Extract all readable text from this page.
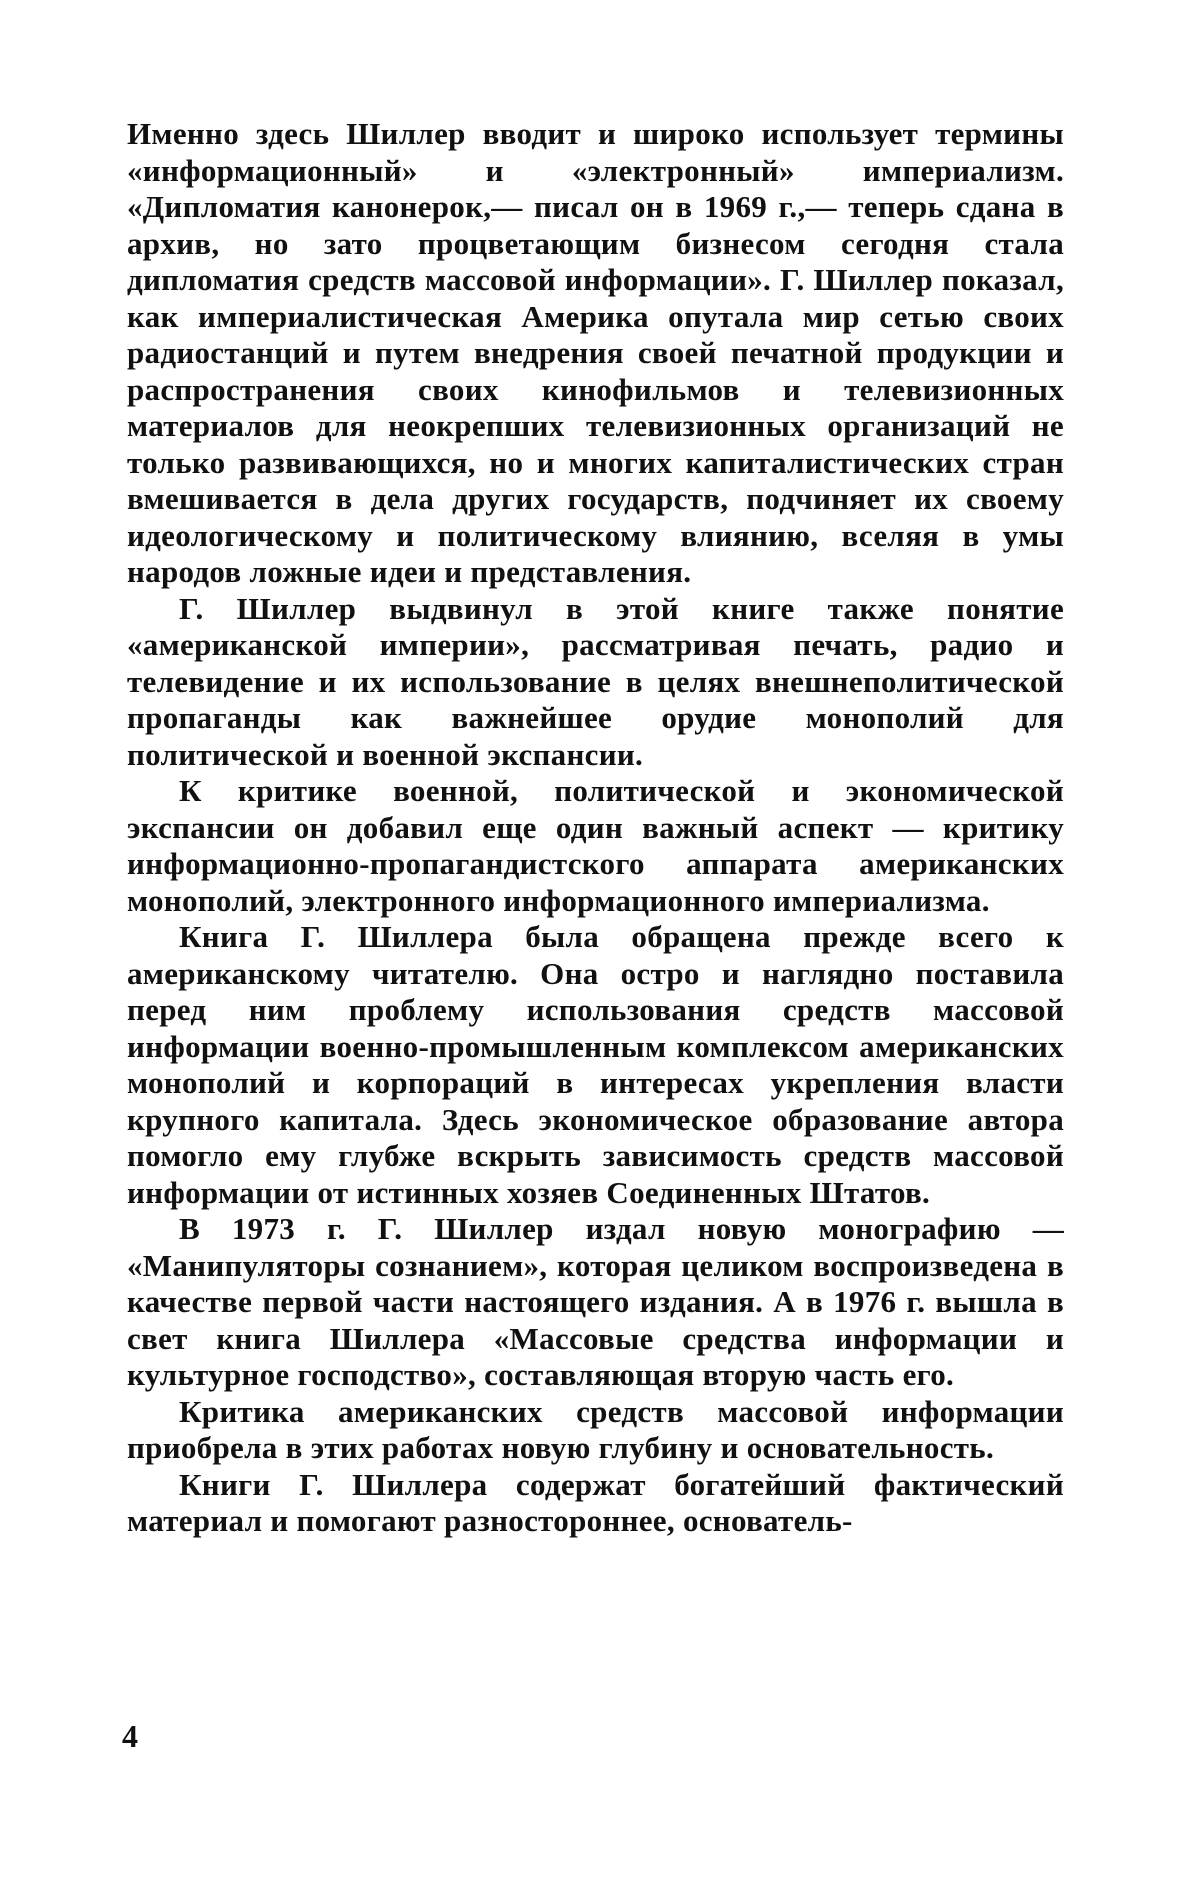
Именно здесь Шиллер вводит и широко использует термины «информационный» и «электронный» империализм. «Дипломатия канонерок,— писал он в 1969 г.,— теперь сдана в архив, но зато процветающим бизнесом сегодня стала дипломатия средств массовой информации». Г. Шиллер показал, как империалистическая Америка опутала мир сетью своих радиостанций и путем внедрения своей печатной продукции и распространения своих кинофильмов и телевизионных материалов для неокрепших телевизионных организаций не только развивающихся, но и многих капиталистических стран вмешивается в дела других государств, подчиняет их своему идеологическому и политическому влиянию, вселяя в умы народов ложные идеи и представления.

Г. Шиллер выдвинул в этой книге также понятие «американской империи», рассматривая печать, радио и телевидение и их использование в целях внешнеполитической пропаганды как важнейшее орудие монополий для политической и военной экспансии.

К критике военной, политической и экономической экспансии он добавил еще один важный аспект — критику информационно-пропагандистского аппарата американских монополий, электронного информационного империализма.

Книга Г. Шиллера была обращена прежде всего к американскому читателю. Она остро и наглядно поставила перед ним проблему использования средств массовой информации военно-промышленным комплексом американских монополий и корпораций в интересах укрепления власти крупного капитала. Здесь экономическое образование автора помогло ему глубже вскрыть зависимость средств массовой информации от истинных хозяев Соединенных Штатов.

В 1973 г. Г. Шиллер издал новую монографию — «Манипуляторы сознанием», которая целиком воспроизведена в качестве первой части настоящего издания. А в 1976 г. вышла в свет книга Шиллера «Массовые средства информации и культурное господство», составляющая вторую часть его.

Критика американских средств массовой информации приобрела в этих работах новую глубину и основательность.

Книги Г. Шиллера содержат богатейший фактический материал и помогают разностороннее, основатель-

4
